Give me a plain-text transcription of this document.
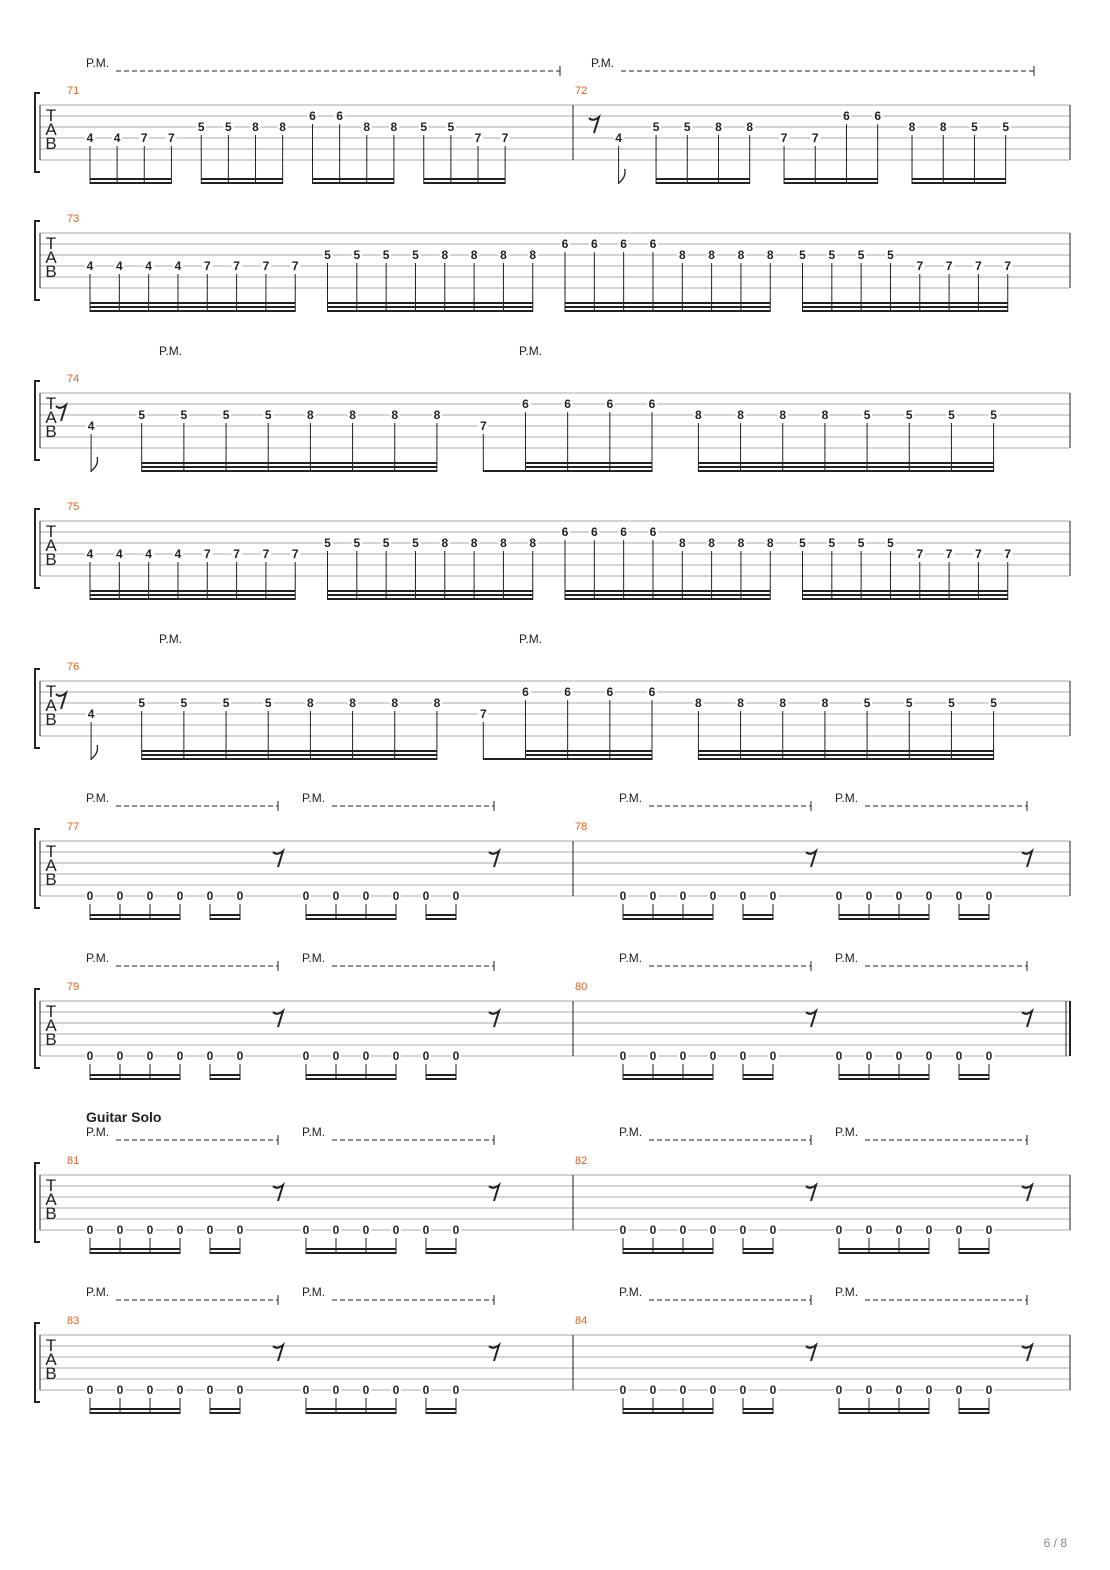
T
A
B
71
4 4 7 7
5 5 8 8
6 6
8 8 5 5
7 7
72
4
5 5 8 8
7 7
6 6
8 8 5 5
P.M.	P.M.
T
A
B
73
4 4 4 4 7 7 7 7
5 5 5 5 8 8 8 8
6 6 6 6
8 8 8 8 5 5 5 5
7 7 7 7
T
A
B
74
4
5	5	5	5	8	8	8	8
7
6	6	6	6
8	8	8	8	5	5	5	5
P.M.	P.M.
T
A
B
75
4 4 4 4 7 7 7 7
5 5 5 5 8 8 8 8
6 6 6 6
8 8 8 8 5 5 5 5
7 7 7 7
T
A
B
76
4
5	5	5	5	8	8	8	8
7
6	6	6	6
8	8	8	8	5	5	5	5
P.M.	P.M.
T
A
B
77
0 0 0 0 0 0	0 0 0 0 0 0
P.M.	P.M.
78
0 0 0 0 0 0	0 0 0 0 0 0
P.M.	P.M.
T
A
B
79
0 0 0 0 0 0	0 0 0 0 0 0
P.M.	P.M.
80
0 0 0 0 0 0	0 0 0 0 0 0
P.M.	P.M.
T
A
B
Guitar Solo
81
0 0 0 0 0 0	0 0 0 0 0 0
P.M.	P.M.
82
0 0 0 0 0 0	0 0 0 0 0 0
P.M.	P.M.
T
A
B
83
0 0 0 0 0 0	0 0 0 0 0 0
P.M.	P.M.
84
0 0 0 0 0 0	0 0 0 0 0 0
P.M.	P.M.
6 / 8
